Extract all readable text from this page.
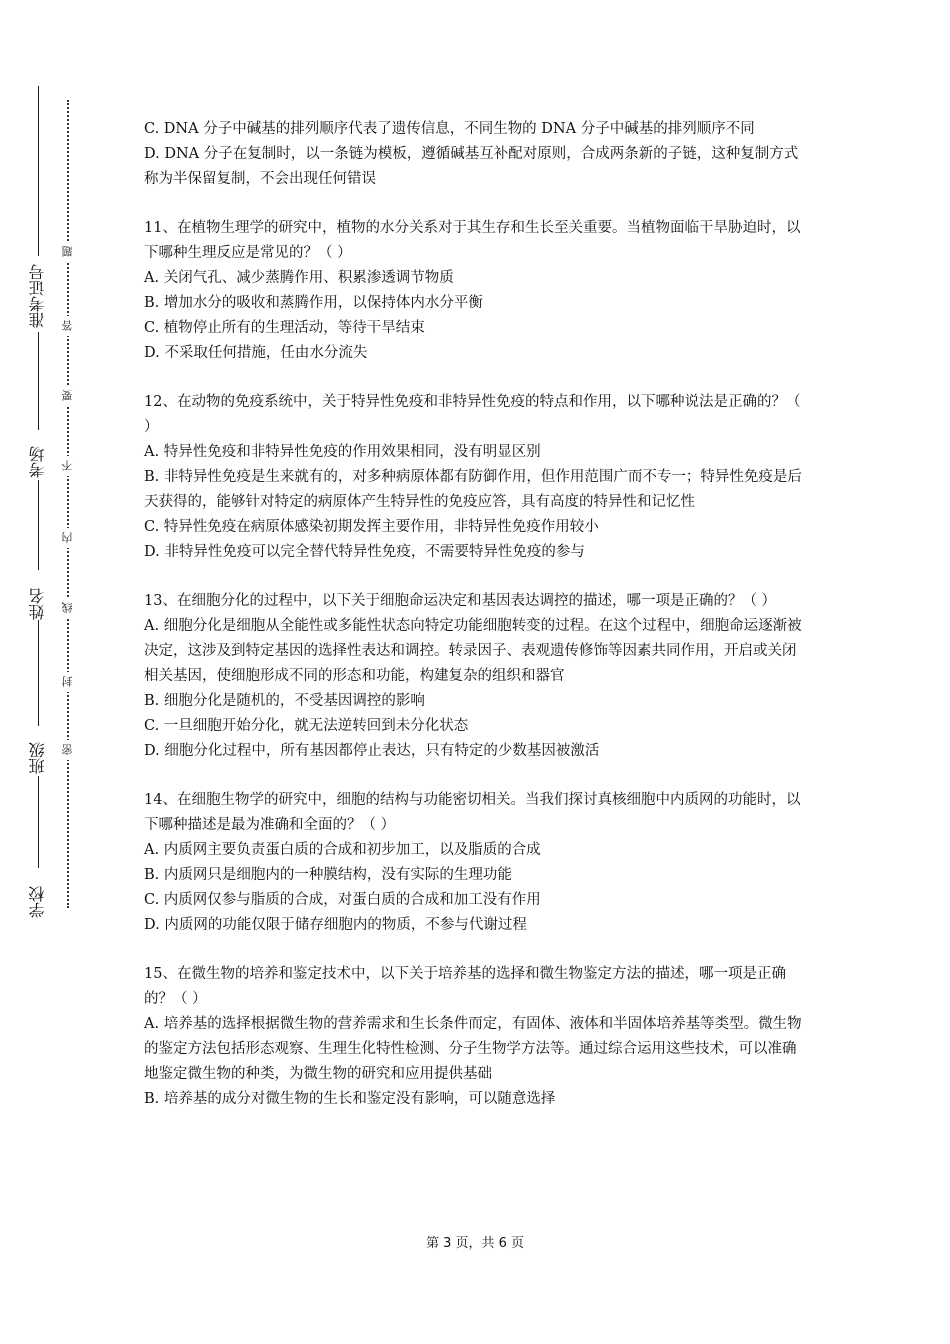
学校
班级
姓名
考场
准考证号
密
封
线
内
不
要
答
题

C. DNA 分子中碱基的排列顺序代表了遗传信息，不同生物的 DNA 分子中碱基的排列顺序不同

D. DNA 分子在复制时，以一条链为模板，遵循碱基互补配对原则，合成两条新的子链，这种复制方式称为半保留复制，不会出现任何错误

11、在植物生理学的研究中，植物的水分关系对于其生存和生长至关重要。当植物面临干旱胁迫时，以下哪种生理反应是常见的？（ ）

A. 关闭气孔、减少蒸腾作用、积累渗透调节物质

B. 增加水分的吸收和蒸腾作用，以保持体内水分平衡

C. 植物停止所有的生理活动，等待干旱结束

D. 不采取任何措施，任由水分流失

12、在动物的免疫系统中，关于特异性免疫和非特异性免疫的特点和作用，以下哪种说法是正确的？（ ）

A. 特异性免疫和非特异性免疫的作用效果相同，没有明显区别

B. 非特异性免疫是生来就有的，对多种病原体都有防御作用，但作用范围广而不专一；特异性免疫是后天获得的，能够针对特定的病原体产生特异性的免疫应答，具有高度的特异性和记忆性

C. 特异性免疫在病原体感染初期发挥主要作用，非特异性免疫作用较小

D. 非特异性免疫可以完全替代特异性免疫，不需要特异性免疫的参与

13、在细胞分化的过程中，以下关于细胞命运决定和基因表达调控的描述，哪一项是正确的？（ ）

A. 细胞分化是细胞从全能性或多能性状态向特定功能细胞转变的过程。在这个过程中，细胞命运逐渐被决定，这涉及到特定基因的选择性表达和调控。转录因子、表观遗传修饰等因素共同作用，开启或关闭相关基因，使细胞形成不同的形态和功能，构建复杂的组织和器官

B. 细胞分化是随机的，不受基因调控的影响

C. 一旦细胞开始分化，就无法逆转回到未分化状态

D. 细胞分化过程中，所有基因都停止表达，只有特定的少数基因被激活

14、在细胞生物学的研究中，细胞的结构与功能密切相关。当我们探讨真核细胞中内质网的功能时，以下哪种描述是最为准确和全面的？（ ）

A. 内质网主要负责蛋白质的合成和初步加工，以及脂质的合成

B. 内质网只是细胞内的一种膜结构，没有实际的生理功能

C. 内质网仅参与脂质的合成，对蛋白质的合成和加工没有作用

D. 内质网的功能仅限于储存细胞内的物质，不参与代谢过程

15、在微生物的培养和鉴定技术中，以下关于培养基的选择和微生物鉴定方法的描述，哪一项是正确的？（ ）

A. 培养基的选择根据微生物的营养需求和生长条件而定，有固体、液体和半固体培养基等类型。微生物的鉴定方法包括形态观察、生理生化特性检测、分子生物学方法等。通过综合运用这些技术，可以准确地鉴定微生物的种类，为微生物的研究和应用提供基础

B. 培养基的成分对微生物的生长和鉴定没有影响，可以随意选择

第 3 页，共 6 页
